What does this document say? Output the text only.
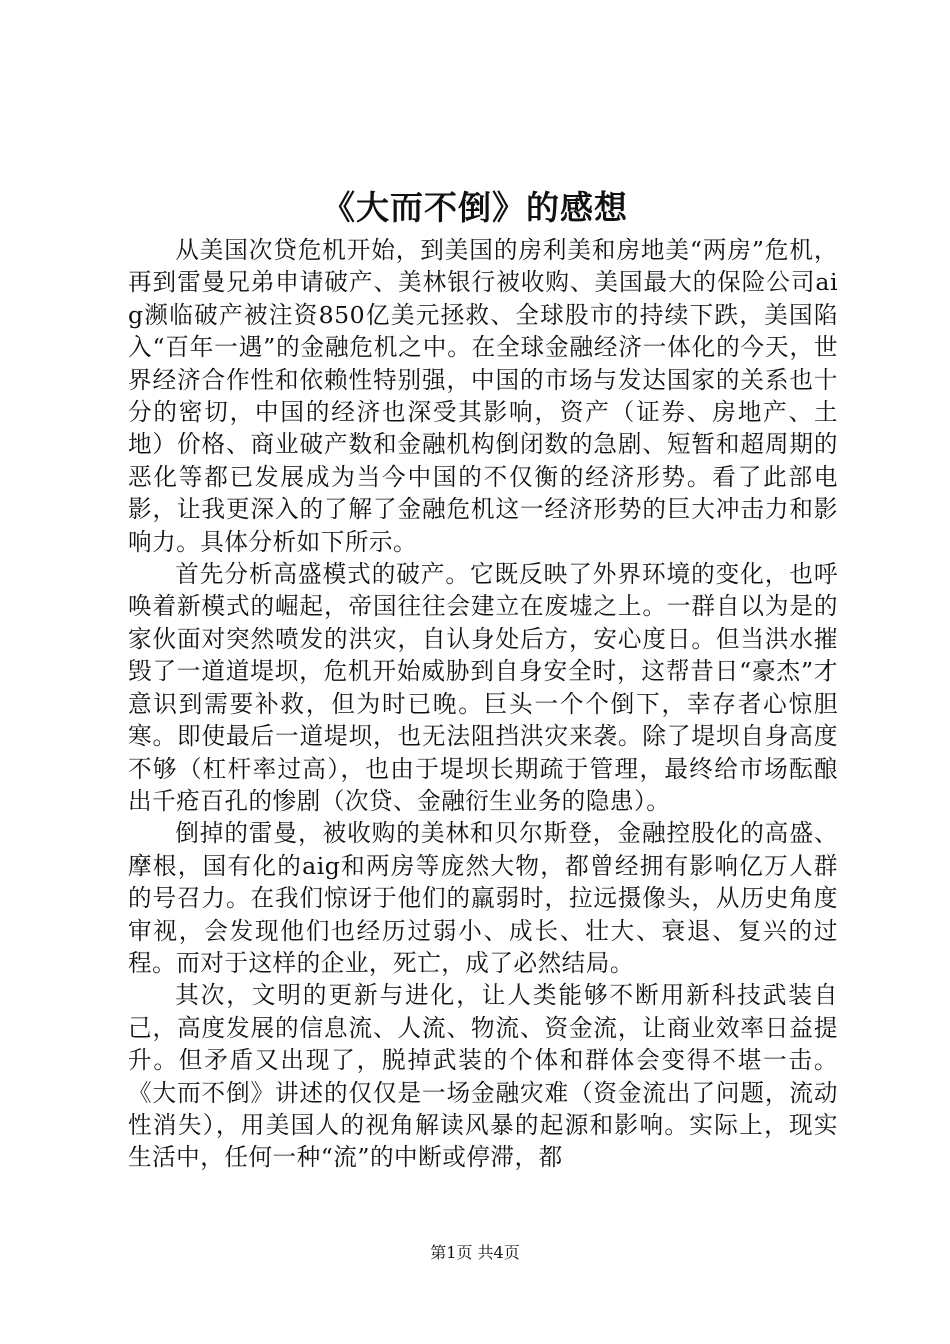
《大而不倒》的感想

从美国次贷危机开始，到美国的房利美和房地美“两房”危机，再到雷曼兄弟申请破产、美林银行被收购、美国最大的保险公司aig濒临破产被注资850亿美元拯救、全球股市的持续下跌，美国陷入“百年一遇”的金融危机之中。在全球金融经济一体化的今天，世界经济合作性和依赖性特别强，中国的市场与发达国家的关系也十分的密切，中国的经济也深受其影响，资产（证券、房地产、土地）价格、商业破产数和金融机构倒闭数的急剧、短暂和超周期的恶化等都已发展成为当今中国的不仅衡的经济形势。看了此部电影，让我更深入的了解了金融危机这一经济形势的巨大冲击力和影响力。具体分析如下所示。

首先分析高盛模式的破产。它既反映了外界环境的变化，也呼唤着新模式的崛起，帝国往往会建立在废墟之上。一群自以为是的家伙面对突然喷发的洪灾，自认身处后方，安心度日。但当洪水摧毁了一道道堤坝，危机开始威胁到自身安全时，这帮昔日“豪杰”才意识到需要补救，但为时已晚。巨头一个个倒下，幸存者心惊胆寒。即使最后一道堤坝，也无法阻挡洪灾来袭。除了堤坝自身高度不够（杠杆率过高），也由于堤坝长期疏于管理，最终给市场酝酿出千疮百孔的惨剧（次贷、金融衍生业务的隐患）。

倒掉的雷曼，被收购的美林和贝尔斯登，金融控股化的高盛、摩根，国有化的aig和两房等庞然大物，都曾经拥有影响亿万人群的号召力。在我们惊讶于他们的羸弱时，拉远摄像头，从历史角度审视，会发现他们也经历过弱小、成长、壮大、衰退、复兴的过程。而对于这样的企业，死亡，成了必然结局。

其次，文明的更新与进化，让人类能够不断用新科技武装自己，高度发展的信息流、人流、物流、资金流，让商业效率日益提升。但矛盾又出现了，脱掉武装的个体和群体会变得不堪一击。《大而不倒》讲述的仅仅是一场金融灾难（资金流出了问题，流动性消失），用美国人的视角解读风暴的起源和影响。实际上，现实生活中，任何一种“流”的中断或停滞，都

第1页 共4页
